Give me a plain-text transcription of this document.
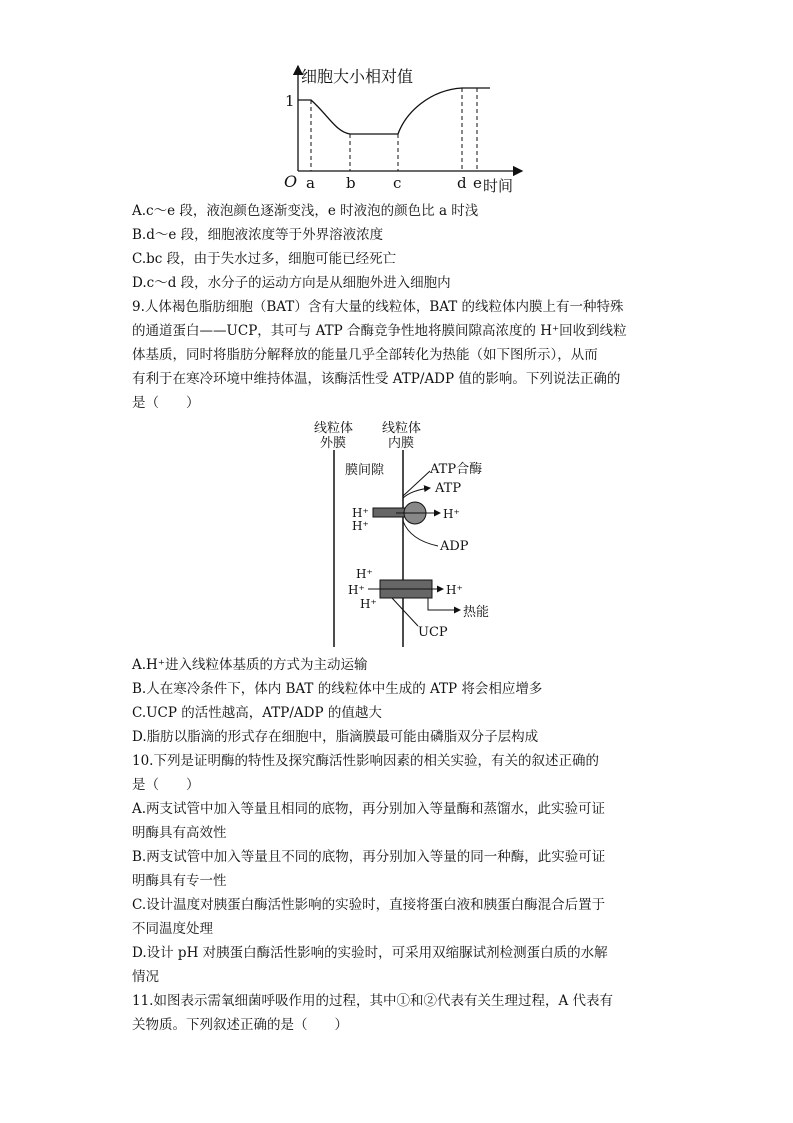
细胞大小相对值
1
O a b c	d e 时间
A.c～e 段，液泡颜色逐渐变浅，e 时液泡的颜色比 a 时浅
B.d～e 段，细胞液浓度等于外界溶液浓度
C.bc 段，由于失水过多，细胞可能已经死亡
D.c～d 段，水分子的运动方向是从细胞外进入细胞内
9.人体褐色脂肪细胞（BAT）含有大量的线粒体，BAT 的线粒体内膜上有一种特殊
的通道蛋白——UCP，其可与 ATP 合酶竞争性地将膜间隙高浓度的 H⁺回收到线粒
体基质，同时将脂肪分解释放的能量几乎全部转化为热能（如下图所示），从而
有利于在寒冷环境中维持体温，该酶活性受 ATP/ADP 值的影响。下列说法正确的
是（　　）
线粒体
外膜
线粒体
内膜
膜间隙	ATP合酶
ATP
H⁺
H⁺
H⁺
ADP
H⁺
H⁺
H⁺
H⁺
热能
UCP
A.H⁺进入线粒体基质的方式为主动运输
B.人在寒冷条件下，体内 BAT 的线粒体中生成的 ATP 将会相应增多
C.UCP 的活性越高，ATP/ADP 的值越大
D.脂肪以脂滴的形式存在细胞中，脂滴膜最可能由磷脂双分子层构成
10.下列是证明酶的特性及探究酶活性影响因素的相关实验，有关的叙述正确的
是（　　）
A.两支试管中加入等量且相同的底物，再分别加入等量酶和蒸馏水，此实验可证
明酶具有高效性
B.两支试管中加入等量且不同的底物，再分别加入等量的同一种酶，此实验可证
明酶具有专一性
C.设计温度对胰蛋白酶活性影响的实验时，直接将蛋白液和胰蛋白酶混合后置于
不同温度处理
D.设计 pH 对胰蛋白酶活性影响的实验时，可采用双缩脲试剂检测蛋白质的水解
情况
11.如图表示需氧细菌呼吸作用的过程，其中①和②代表有关生理过程，A 代表有
关物质。下列叙述正确的是（　　）
